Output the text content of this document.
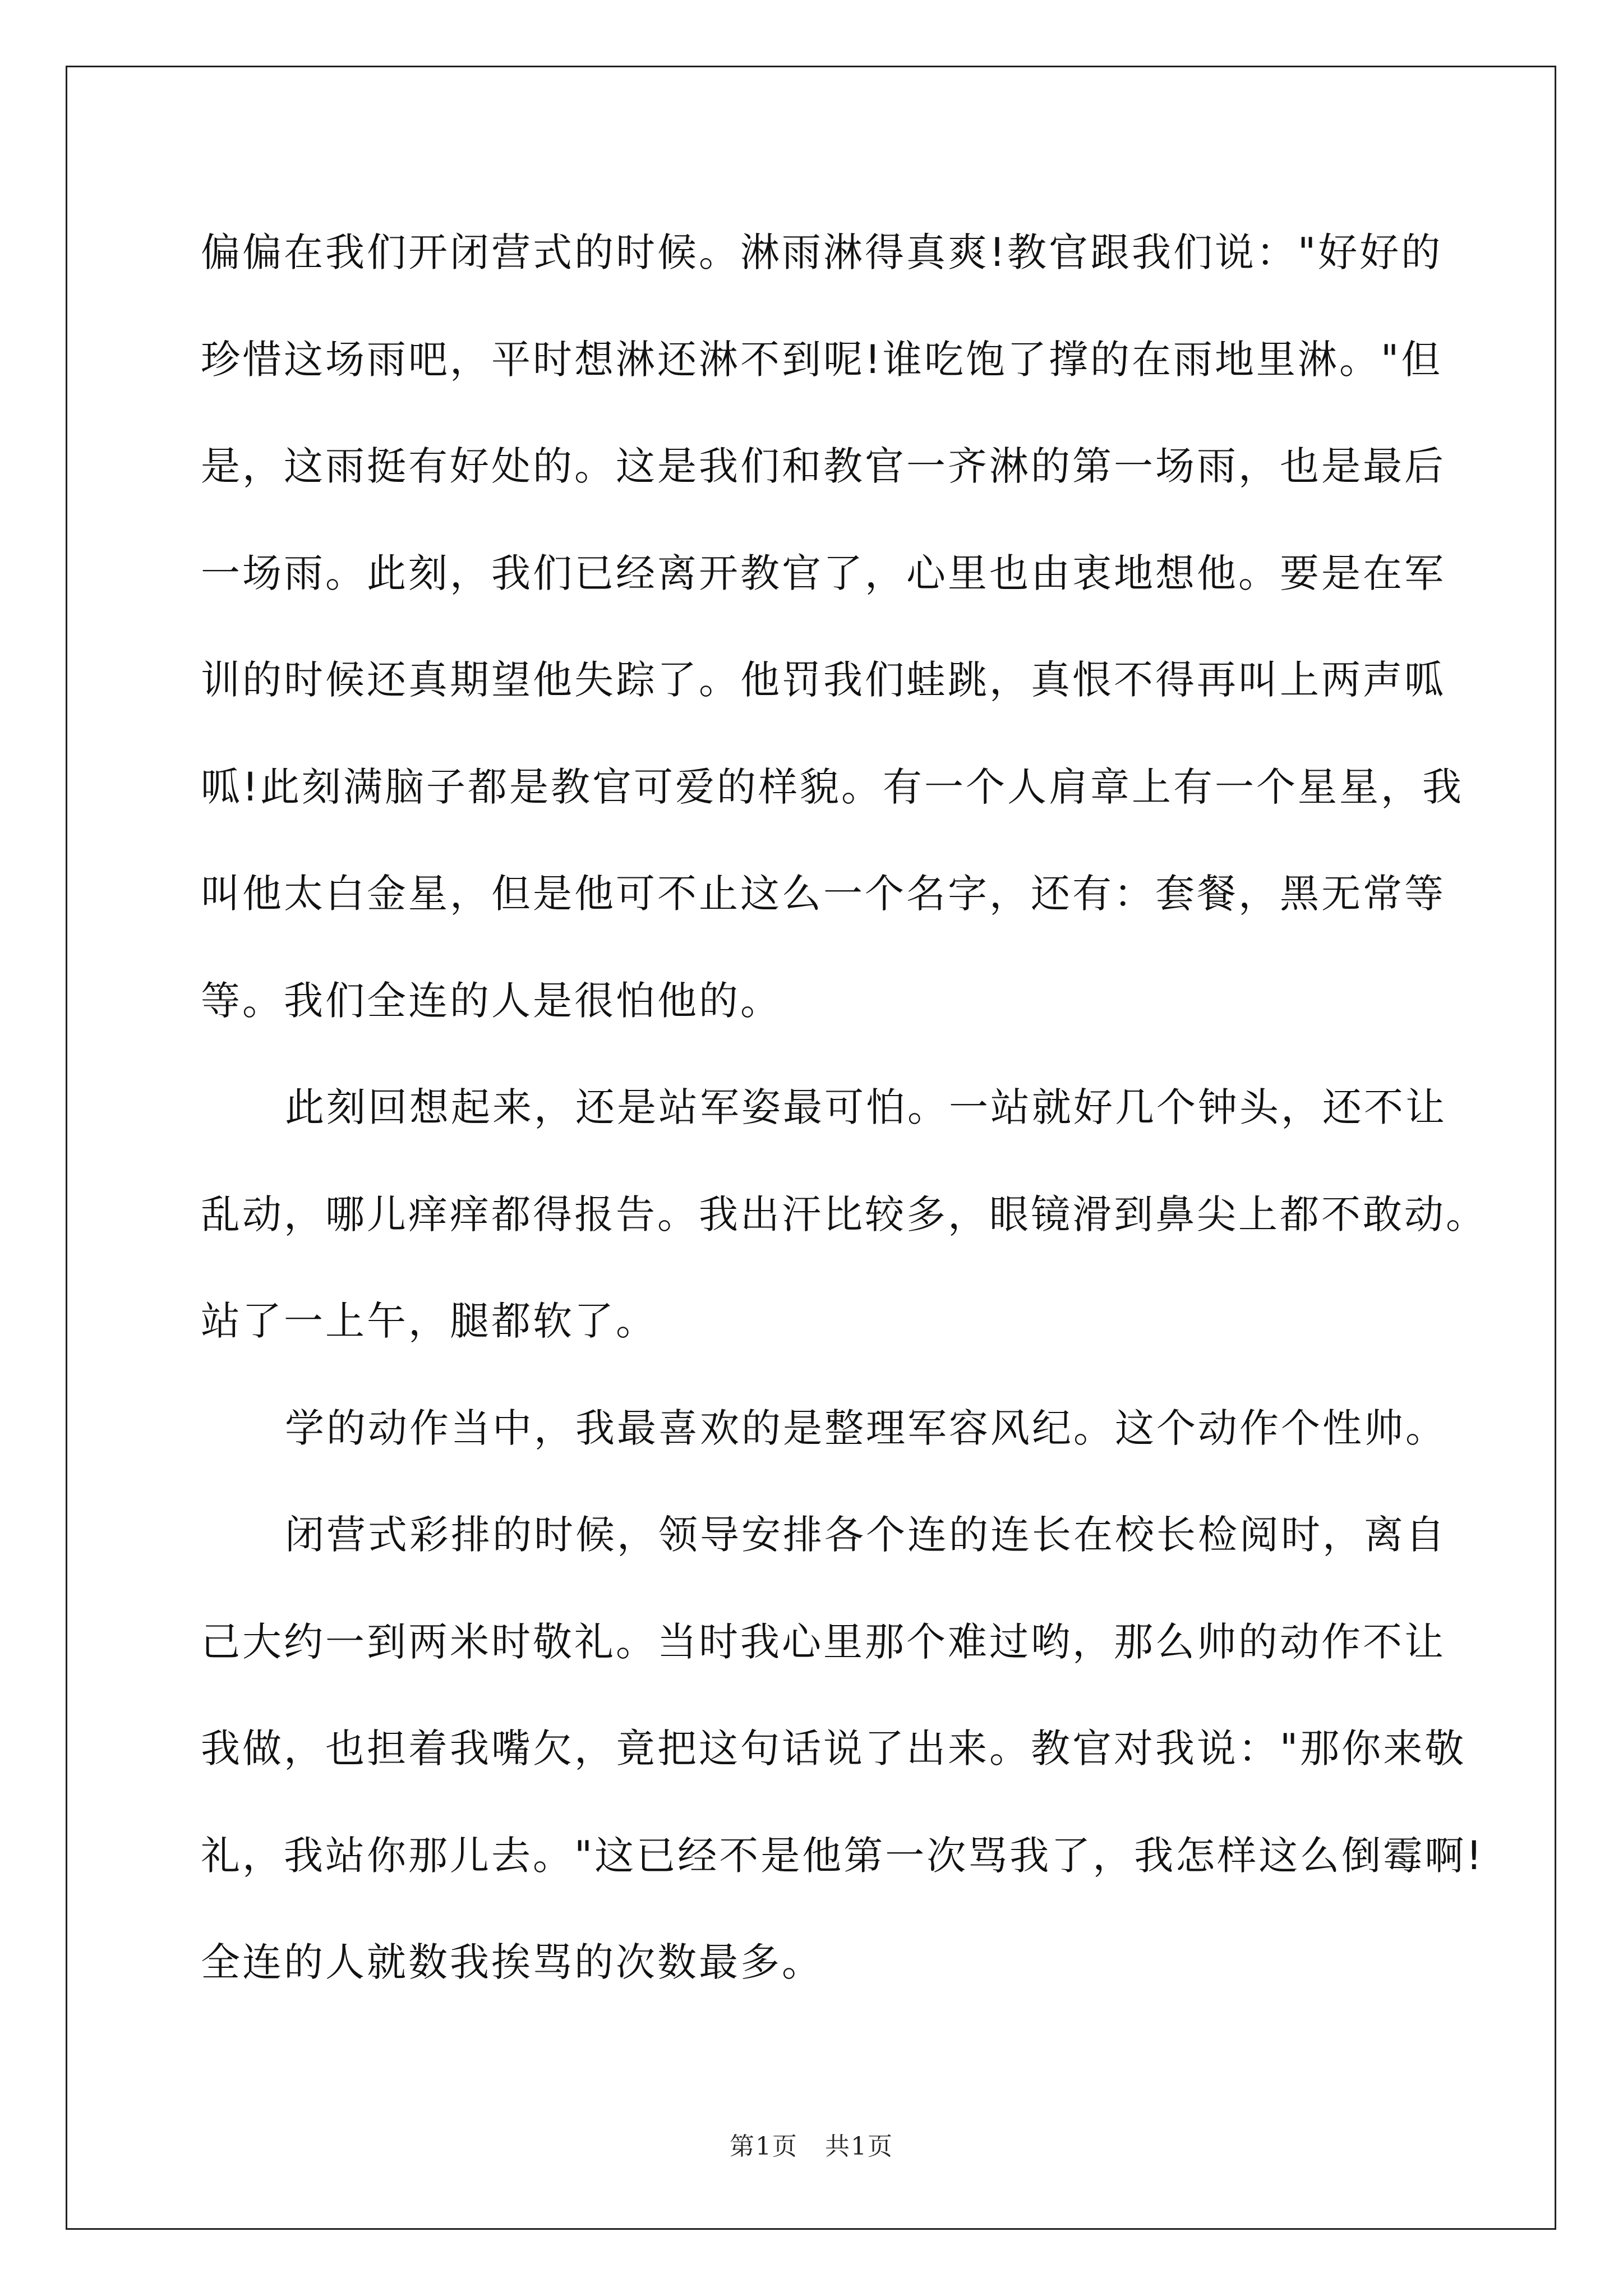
偏偏在我们开闭营式的时候。淋雨淋得真爽!教官跟我们说："好好的
珍惜这场雨吧，平时想淋还淋不到呢!谁吃饱了撑的在雨地里淋。"但
是，这雨挺有好处的。这是我们和教官一齐淋的第一场雨，也是最后
一场雨。此刻，我们已经离开教官了，心里也由衷地想他。要是在军
训的时候还真期望他失踪了。他罚我们蛙跳，真恨不得再叫上两声呱
呱!此刻满脑子都是教官可爱的样貌。有一个人肩章上有一个星星，我
叫他太白金星，但是他可不止这么一个名字，还有：套餐，黑无常等
等。我们全连的人是很怕他的。
此刻回想起来，还是站军姿最可怕。一站就好几个钟头，还不让
乱动，哪儿痒痒都得报告。我出汗比较多，眼镜滑到鼻尖上都不敢动。
站了一上午，腿都软了。
学的动作当中，我最喜欢的是整理军容风纪。这个动作个性帅。
闭营式彩排的时候，领导安排各个连的连长在校长检阅时，离自
己大约一到两米时敬礼。当时我心里那个难过哟，那么帅的动作不让
我做，也担着我嘴欠，竟把这句话说了出来。教官对我说："那你来敬
礼，我站你那儿去。"这已经不是他第一次骂我了，我怎样这么倒霉啊!
全连的人就数我挨骂的次数最多。
第1页 共1页
